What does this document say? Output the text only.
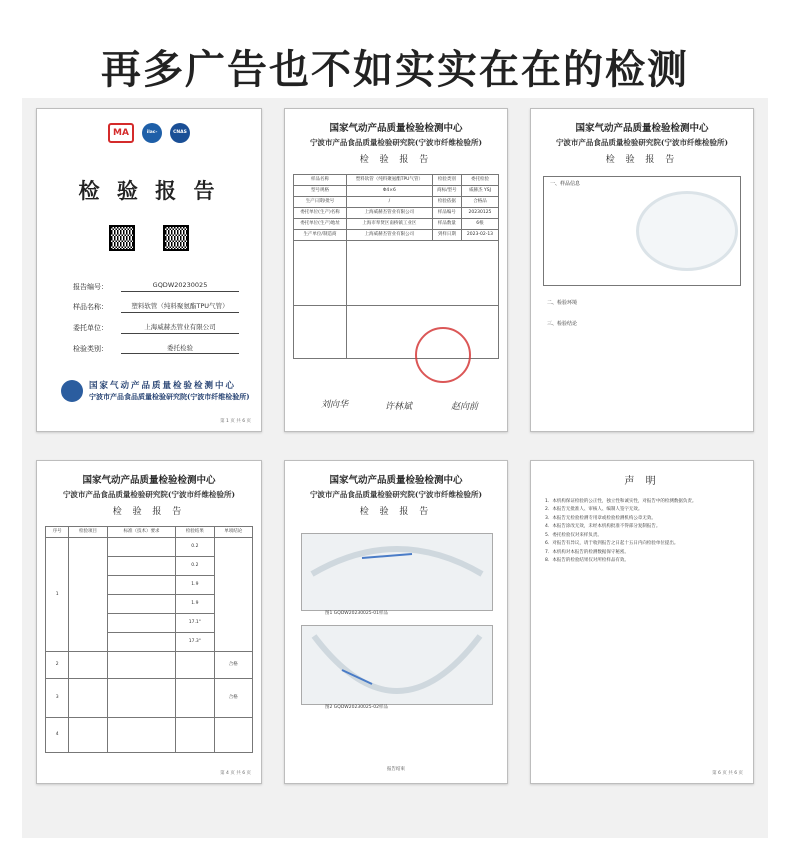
再多广告也不如实实在在的检测
MA	ilac-MRA
CNAS
检 验 报 告
报告编号：	GQDW20230025
样品名称：	塑料软管（纯料聚氨酯TPU气管）
委托单位：	上海威赫杰管业有限公司
检验类别：	委托检验
国家气动产品质量检验检测中心
宁波市产品食品质量检验研究院(宁波市纤维检验所)
第 1 页 共 6 页
国家气动产品质量检验检测中心
宁波市产品食品质量检验研究院(宁波市纤维检验所)
检 验 报 告
样品名称	塑料软管（纯料聚氨酯TPU气管）	检验类别	委托检验
型号规格	Φ4×6	商标/型号	威赫杰 YSJ
生产日期/批号	/	检验依据	合格品
委托单位(生产)名称	上海威赫杰管业有限公司	样品编号	20230125
委托单位(生产)地址	上海市奉贤区南桥镇工业区	样品数量	6根
生产单位/制造商	上海威赫杰管业有限公司	到样日期	2023-02-13

刘向华	许林斌	赵向前
国家气动产品质量检验检测中心
宁波市产品食品质量检验研究院(宁波市纤维检验所)
检 验 报 告
一、样品信息
二、检验环境
三、检验结论
国家气动产品质量检验检测中心
宁波市产品食品质量检验研究院(宁波市纤维检验所)
检 验 报 告
序号	检验项目	标准（技术）要求	检验结果	单项结论
1			0.2	
			0.2	
			1.9	
			1.9	
			17.1°	
			17.3°	
2				合格
3				合格
4				
第 4 页 共 6 页
国家气动产品质量检验检测中心
宁波市产品食品质量检验研究院(宁波市纤维检验所)
检 验 报 告
图1 GQDW20230025-01样品
图2 GQDW20230025-02样品
报告结束
声 明
1．本机构保证检验的公正性，独立性和诚实性，对报告中的检测数据负责。
2．本报告无批准人、审核人、编制人签字无效。
3．本报告无检验检测专用章或检验检测机构公章无效。
4．本报告涂改无效，未经本机构批准不得部分复制报告。
5．委托检验仅对来样负责。
6．对报告有异议，请于收到报告之日起十五日内向检验单位提出。
7．本机构对本报告的检测数据保守秘密。
8．本报告的检验结果仅对所检样品有效。
第 6 页 共 6 页
